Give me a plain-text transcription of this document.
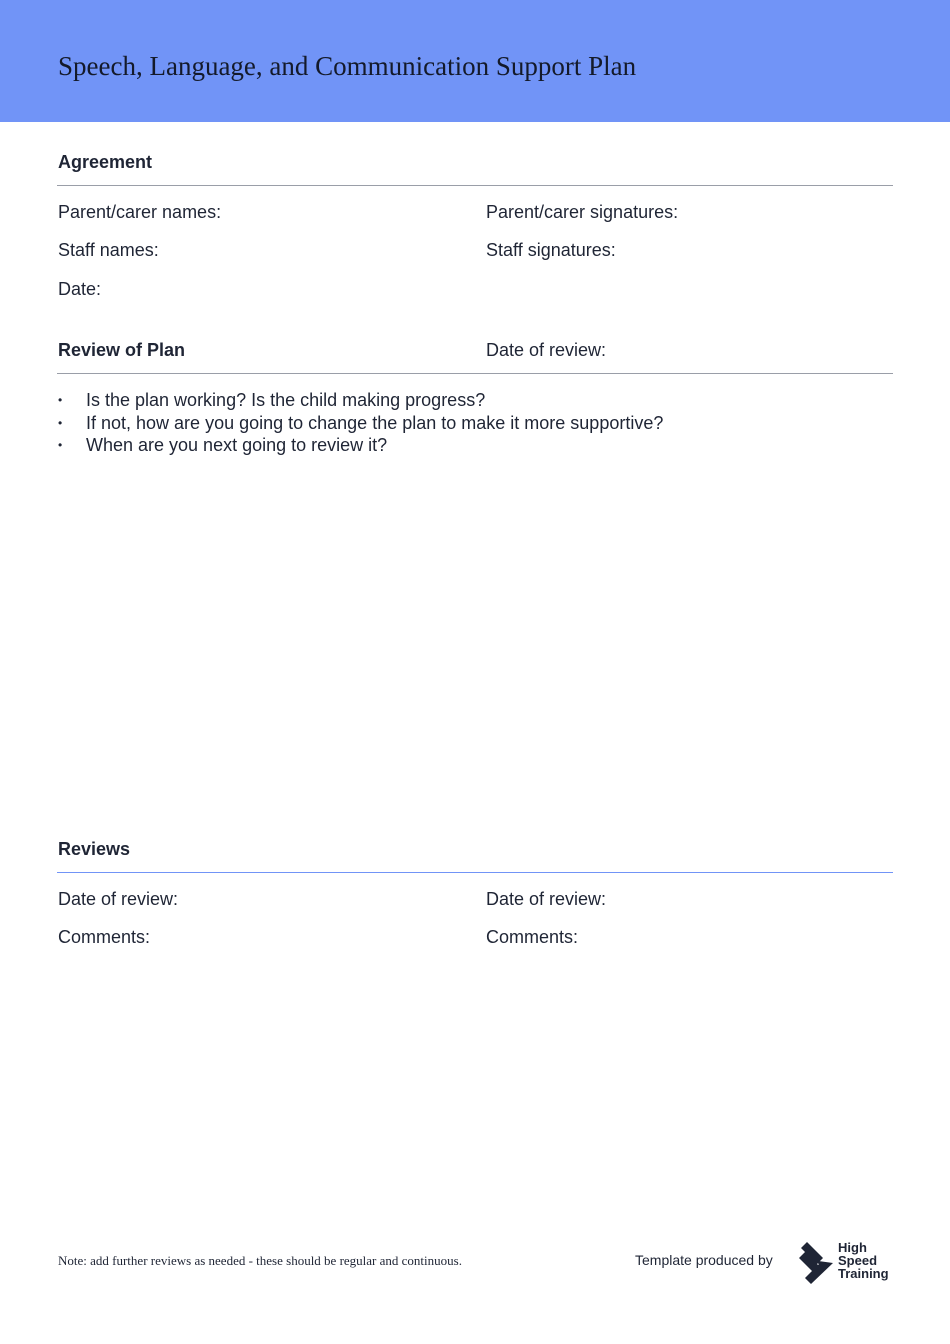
Speech, Language, and Communication Support Plan
Agreement
Parent/carer names:	Parent/carer signatures:
Staff names:	Staff signatures:
Date:
Review of Plan	Date of review:
• Is the plan working? Is the child making progress?
• If not, how are you going to change the plan to make it more supportive?
• When are you next going to review it?
Reviews
Date of review:	Date of review:
Comments:	Comments:
Note: add further reviews as needed - these should be regular and continuous.	Template produced by
High
Speed
Training
